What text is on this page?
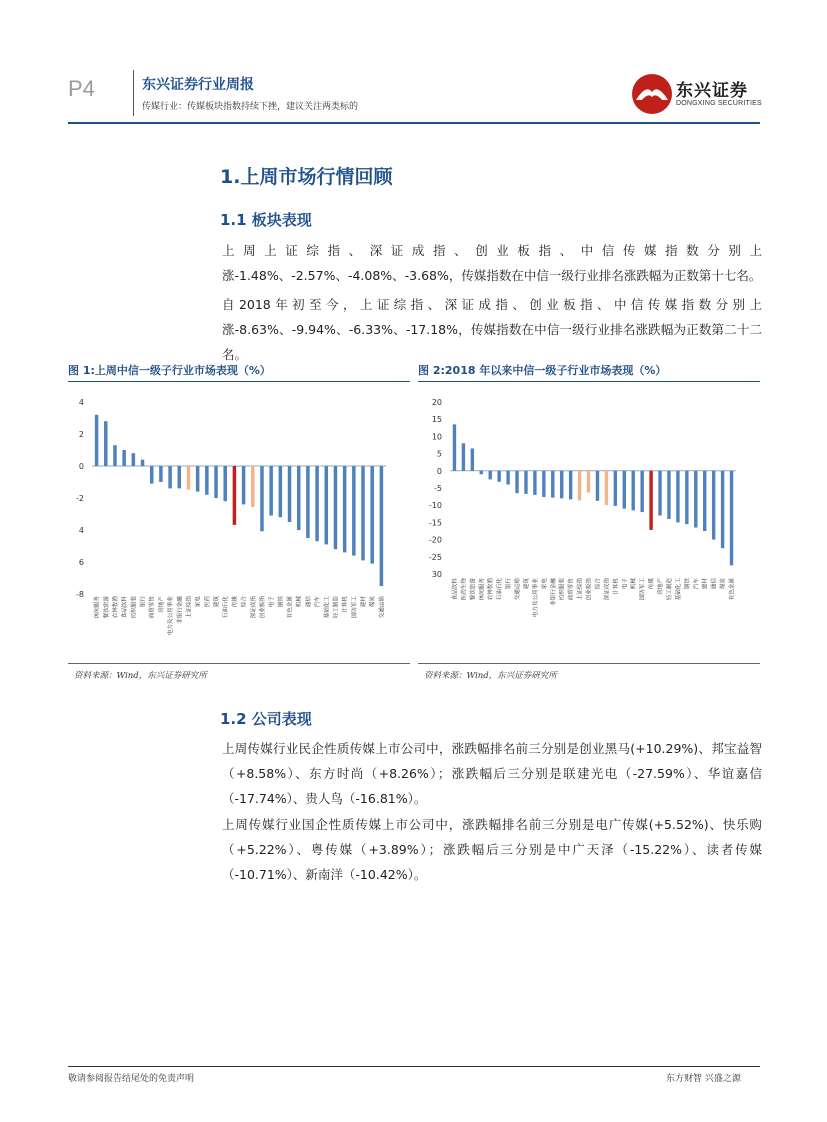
P4	东兴证券行业周报
传媒行业：传媒板块指数持续下挫，建议关注两类标的
东兴证券
DONGXING SECURITIES
1.上周市场行情回顾
1.1 板块表现
上周上证综指、深证成指、创业板指、中信传媒指数分别上涨-1.48%、-2.57%、-4.08%、-3.68%，传媒指数在中信一级行业排名涨跌幅为正数第十七名。
自2018年初至今，上证综指、深证成指、创业板指、中信传媒指数分别上涨-8.63%、-9.94%、-6.33%、-17.18%，传媒指数在中信一级行业排名涨跌幅为正数第二十二名。
图 1:上周中信一级子行业市场表现（%）
4
2
0
-2
4
6
-8
休闲服务 餐饮旅游 农林牧渔 食品饮料 纺织服装 银行 商贸零售 房地产 电力及公用事业 非银行金融 上证综指 家电 医药 建筑 石油石化 传媒 综合 深证成指 创业板指 电子 钢铁 有色金属 机械 通信 汽车 基础化工 轻工制造 计算机 国防军工 建材 煤炭 交通运输
资料来源：Wind，东兴证券研究所
图 2:2018 年以来中信一级子行业市场表现（%）
20
15
10
5
0
-5
-10
-15
-20
-25
30
食品饮料 医药生物 餐饮旅游 休闲服务 农林牧渔 石油石化 银行 交通运输 建筑 电力及公用事业 家电 非银行金融 纺织服装 商贸零售 上证综指 创业板指 综合 深证成指 计算机 电子 机械 国防军工 传媒 房地产 轻工制造 基础化工 钢铁 汽车 建材 通信 煤炭 有色金属
资料来源：Wind，东兴证券研究所
1.2 公司表现
上周传媒行业民企性质传媒上市公司中，涨跌幅排名前三分别是创业黑马(+10.29%)、邦宝益智（+8.58%）、东方时尚（+8.26%）；涨跌幅后三分别是联建光电（-27.59%）、华谊嘉信（-17.74%）、贵人鸟（-16.81%）。
上周传媒行业国企性质传媒上市公司中，涨跌幅排名前三分别是电广传媒(+5.52%)、快乐购（+5.22%）、粤传媒（+3.89%）；涨跌幅后三分别是中广天泽（-15.22%）、读者传媒（-10.71%）、新南洋（-10.42%）。
敬请参阅报告结尾处的免责声明	东方财智 兴盛之源
